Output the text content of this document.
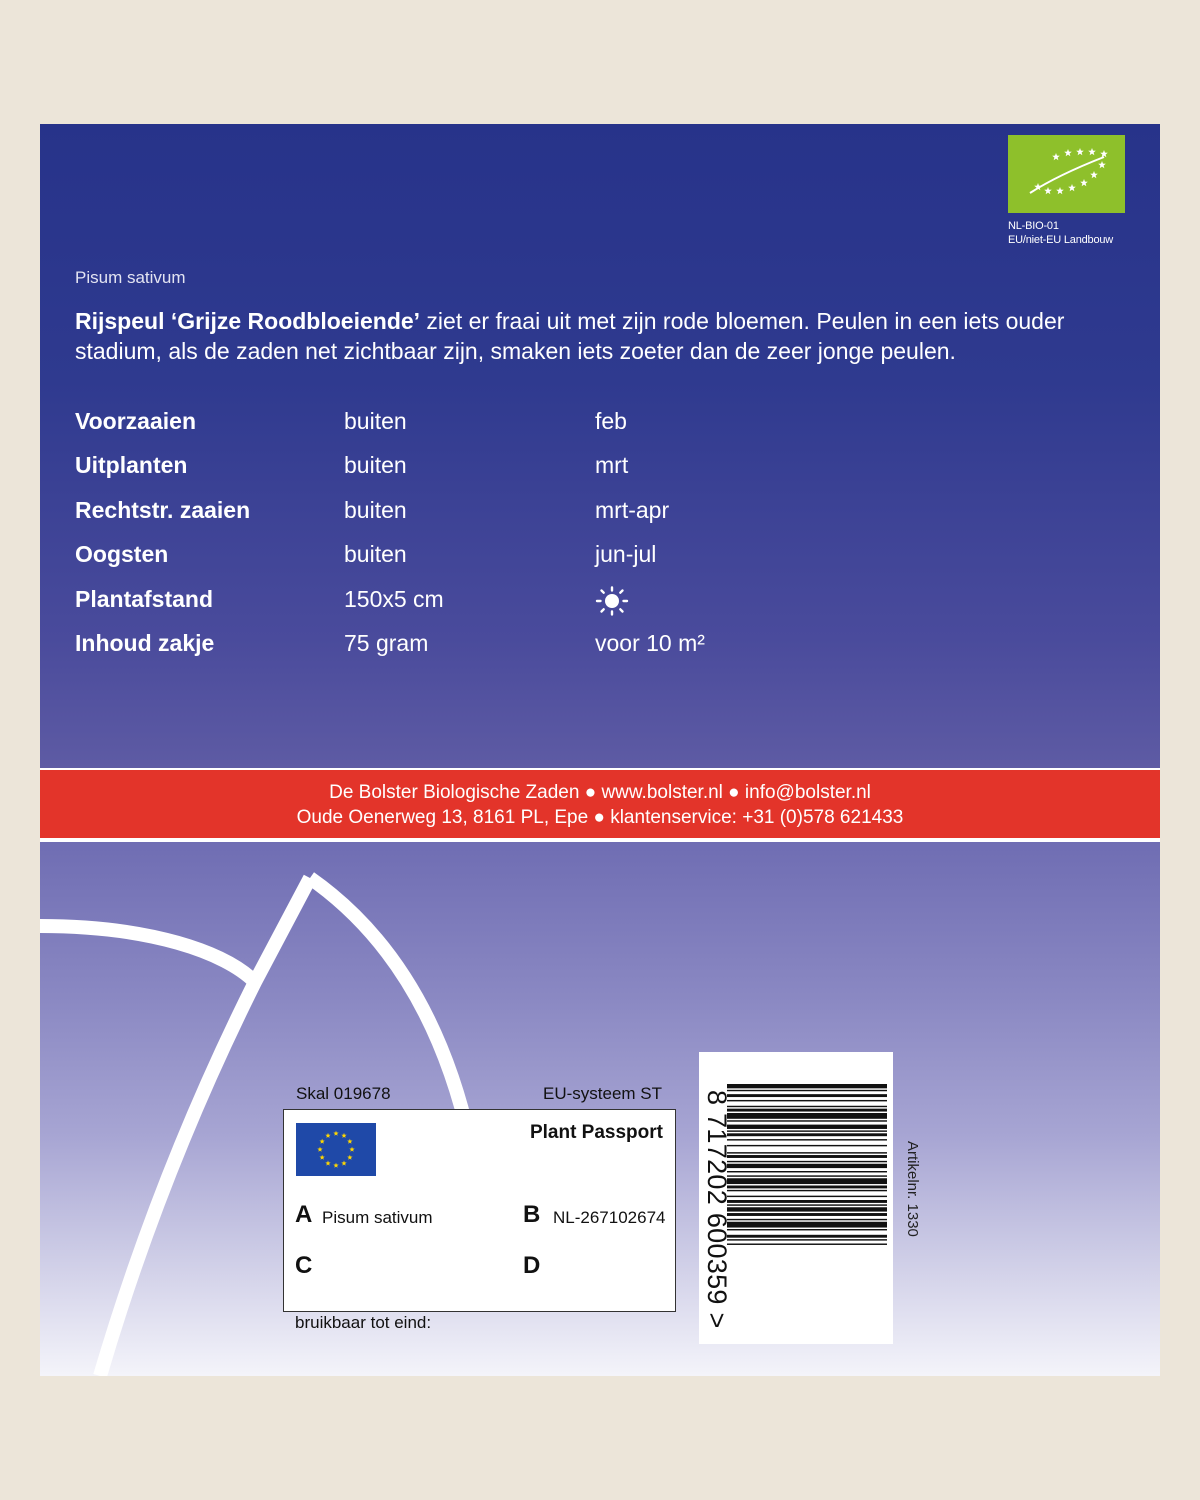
NL-BIO-01
EU/niet-EU Landbouw
Pisum sativum
Rijspeul ‘Grijze Roodbloeiende’ ziet er fraai uit met zijn rode bloemen. Peulen in een iets ouder stadium, als de zaden net zichtbaar zijn, smaken iets zoeter dan de zeer jonge peulen.
Voorzaaien	buiten	feb
Uitplanten	buiten	mrt
Rechtstr. zaaien	buiten	mrt-apr
Oogsten	buiten	jun-jul
Plantafstand	150x5 cm
Inhoud zakje	75 gram	voor 10 m²
De Bolster Biologische Zaden ● www.bolster.nl ● info@bolster.nl
Oude Oenerweg 13, 8161 PL, Epe ● klantenservice: +31 (0)578 621433
Skal 019678	EU-systeem ST
Plant Passport
A Pisum sativum	B NL-267102674
C	D
bruikbaar tot eind:	8 717202 600359 >	Artikelnr. 1330
